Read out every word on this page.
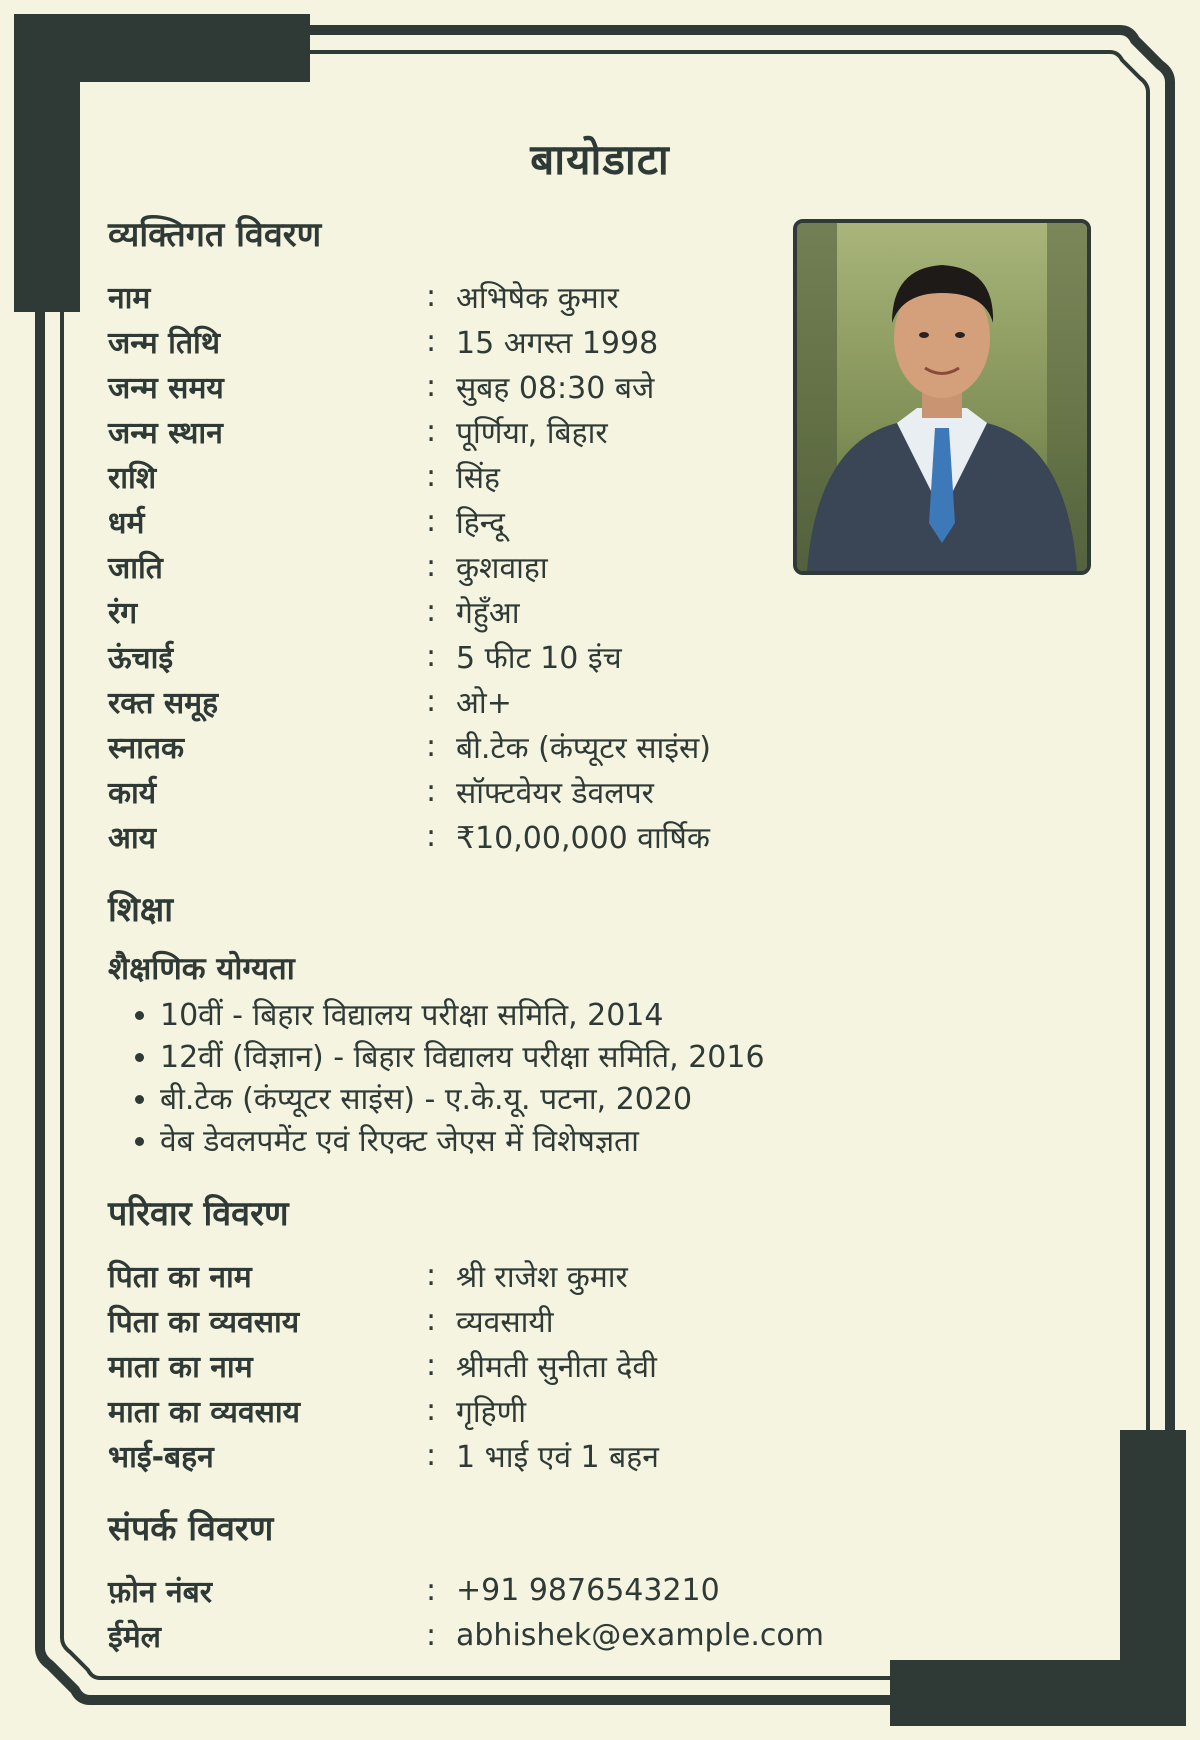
बायोडाटा
व्यक्तिगत विवरण
नाम	: अभिषेक कुमार
जन्म तिथि	: 15 अगस्त 1998
जन्म समय	: सुबह 08:30 बजे
जन्म स्थान	: पूर्णिया, बिहार
राशि	: सिंह
धर्म	: हिन्दू
जाति	: कुशवाहा
रंग	: गेहुँआ
ऊंचाई	: 5 फीट 10 इंच
रक्त समूह	: ओ+
स्नातक	: बी.टेक (कंप्यूटर साइंस)
कार्य	: सॉफ्टवेयर डेवलपर
आय	: ₹10,00,000 वार्षिक
शिक्षा
शैक्षणिक योग्यता
• 10वीं - बिहार विद्यालय परीक्षा समिति, 2014
• 12वीं (विज्ञान) - बिहार विद्यालय परीक्षा समिति, 2016
• बी.टेक (कंप्यूटर साइंस) - ए.के.यू. पटना, 2020
• वेब डेवलपमेंट एवं रिएक्ट जेएस में विशेषज्ञता
परिवार विवरण
पिता का नाम	: श्री राजेश कुमार
पिता का व्यवसाय	: व्यवसायी
माता का नाम	: श्रीमती सुनीता देवी
माता का व्यवसाय	: गृहिणी
भाई-बहन	: 1 भाई एवं 1 बहन
संपर्क विवरण
फ़ोन नंबर	: +91 9876543210
ईमेल	: abhishek@example.com
